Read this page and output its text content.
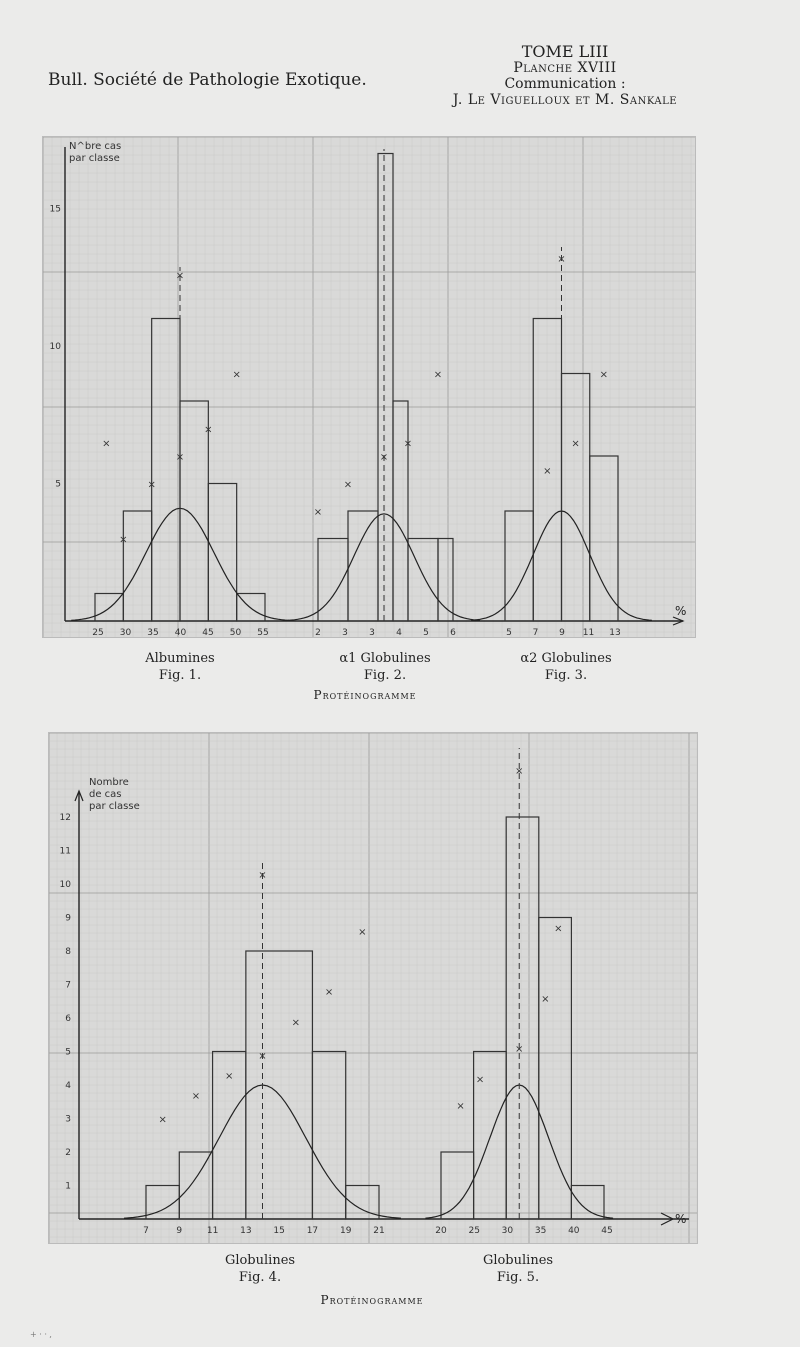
Bull. Société de Pathologie Exotique.
TOME LIII
Planche XVIII
Communication :
J. Le Viguelloux et M. Sankale
%
×
×
×
×
×
×
×
25 30 35 40 45 50 55
5
10
15
N^bre cas
par classe
×
×
×
×
×
2 3 3 4 5 6
×
×
×
×
5 7 9 11 13
Albumines
Fig. 1.
α1 Globulines
Fig. 2.
α2 Globulines
Fig. 3.
Protéinogramme
%
×
×
×
×
×
×
×
×
7	9	11 13 15 17 19 21
1
2
3
4
5
6
7
8
9
10
11
12
Nombre
de cas
par classe
×
×
×
×
×
×
20 25 30 35 40 45
Globulines
Fig. 4.
Globulines
Fig. 5.
Protéinogramme
+ · · ,
